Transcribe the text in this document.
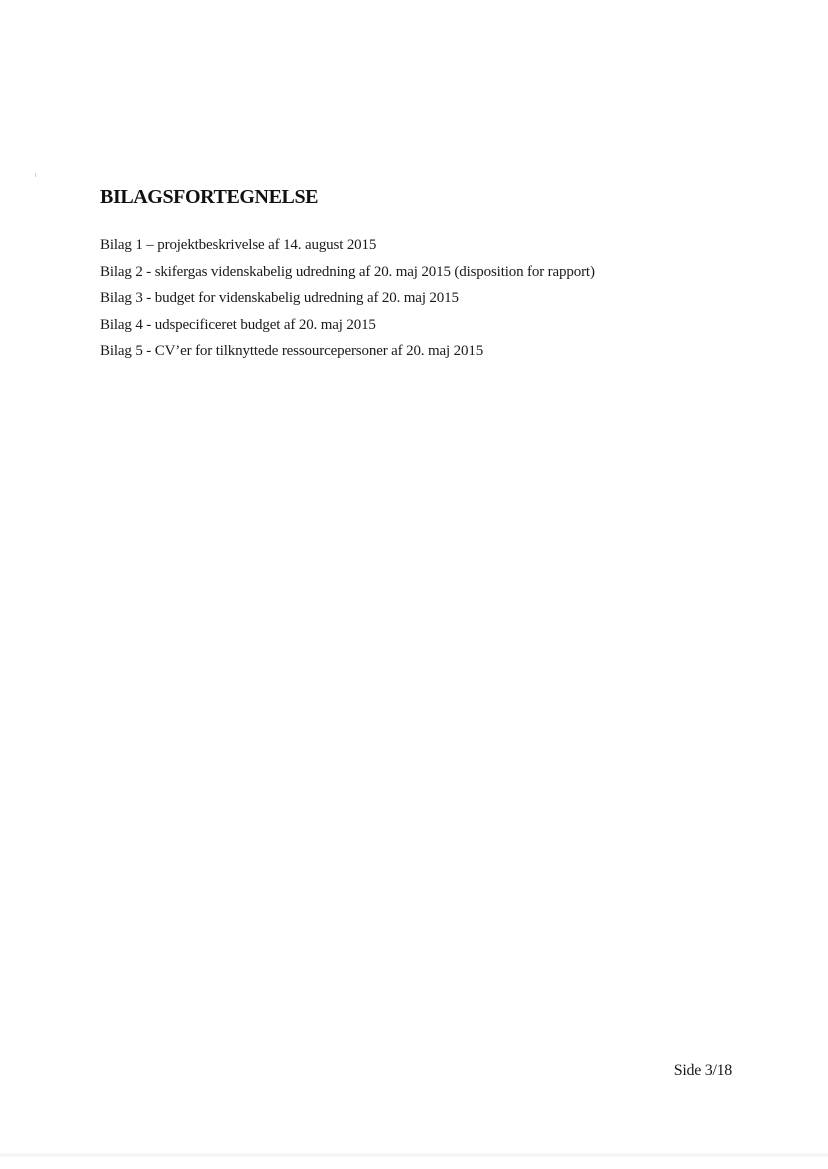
BILAGSFORTEGNELSE
Bilag 1 – projektbeskrivelse af 14. august 2015
Bilag 2 - skifergas videnskabelig udredning af 20. maj 2015 (disposition for rapport)
Bilag 3 - budget for videnskabelig udredning af 20. maj 2015
Bilag 4 - udspecificeret budget af 20. maj 2015
Bilag 5 - CV’er for tilknyttede ressourcepersoner af 20. maj 2015
Side 3/18
